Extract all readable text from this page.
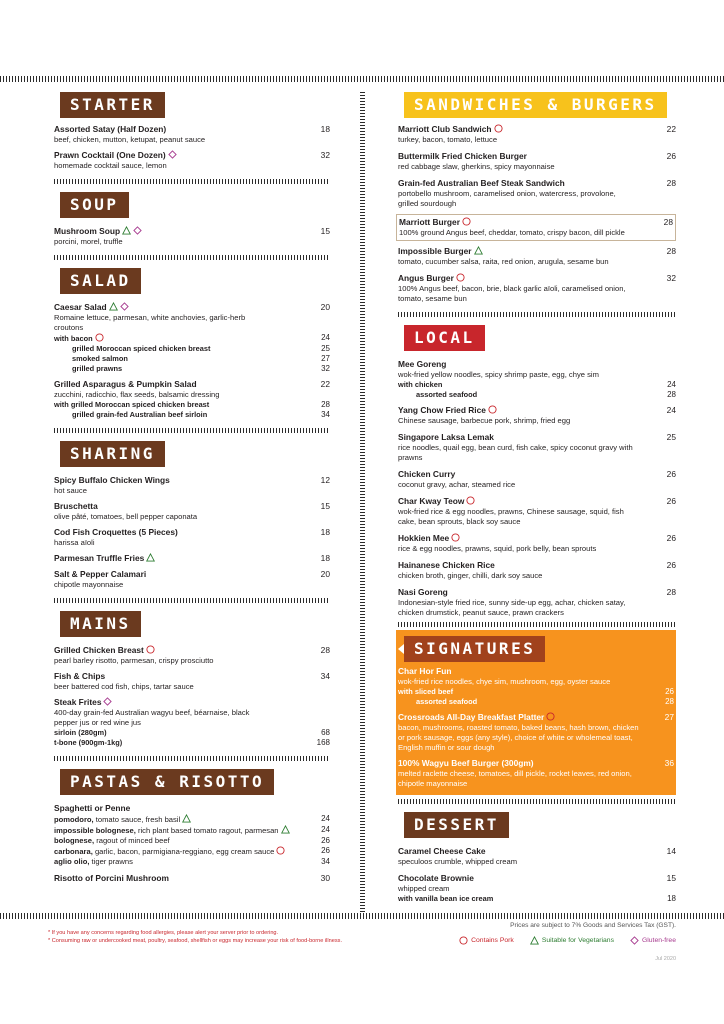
STARTER
Assorted Satay (Half Dozen)
beef, chicken, mutton, ketupat, peanut sauce
18
Prawn Cocktail (One Dozen)
homemade cocktail sauce, lemon
32
SOUP
Mushroom Soup
porcini, morel, truffle
15
SALAD
Caesar Salad
Romaine lettuce, parmesan, white anchovies, garlic-herb croutons
20
with bacon	24
grilled Moroccan spiced chicken breast	25
smoked salmon	27
grilled prawns	32
Grilled Asparagus & Pumpkin Salad
zucchini, radicchio, flax seeds, balsamic dressing
22
with grilled Moroccan spiced chicken breast	28
grilled grain-fed Australian beef sirloin	34
SHARING
Spicy Buffalo Chicken Wings
hot sauce
12
Bruschetta
olive pâté, tomatoes, bell pepper caponata
15
Cod Fish Croquettes (5 Pieces)
harissa aïoli
18
Parmesan Truffle Fries	18
Salt & Pepper Calamari
chipotle mayonnaise
20
MAINS
Grilled Chicken Breast
pearl barley risotto, parmesan, crispy prosciutto
28
Fish & Chips
beer battered cod fish, chips, tartar sauce
34
Steak Frites
400-day grain-fed Australian wagyu beef, béarnaise, black pepper jus or red wine jus
sirloin (280gm)	68
t-bone (900gm-1kg)	168
PASTAS & RISOTTO
Spaghetti or Penne
pomodoro, tomato sauce, fresh basil	24
impossible bolognese, rich plant based tomato ragout, parmesan	24
bolognese, ragout of minced beef	26
carbonara, garlic, bacon, parmigiana-reggiano, egg cream sauce	26
aglio olio, tiger prawns	34
Risotto of Porcini Mushroom	30
SANDWICHES & BURGERS
Marriott Club Sandwich
turkey, bacon, tomato, lettuce
22
Buttermilk Fried Chicken Burger
red cabbage slaw, gherkins, spicy mayonnaise
26
Grain-fed Australian Beef Steak Sandwich
portobello mushroom, caramelised onion, watercress, provolone, grilled sourdough
28
Marriott Burger
100% ground Angus beef, cheddar, tomato, crispy bacon, dill pickle
28
Impossible Burger
tomato, cucumber salsa, raita, red onion, arugula, sesame bun
28
Angus Burger
100% Angus beef, bacon, brie, black garlic aïoli, caramelised onion, tomato, sesame bun
32
LOCAL
Mee Goreng
wok-fried yellow noodles, spicy shrimp paste, egg, chye sim
with chicken	24
assorted seafood	28
Yang Chow Fried Rice
Chinese sausage, barbecue pork, shrimp, fried egg
24
Singapore Laksa Lemak
rice noodles, quail egg, bean curd, fish cake, spicy coconut gravy with prawns
25
Chicken Curry
coconut gravy, achar, steamed rice
26
Char Kway Teow
wok-fried rice & egg noodles, prawns, Chinese sausage, squid, fish cake, bean sprouts, black soy sauce
26
Hokkien Mee
rice & egg noodles, prawns, squid, pork belly, bean sprouts
26
Hainanese Chicken Rice
chicken broth, ginger, chilli, dark soy sauce
26
Nasi Goreng
Indonesian-style fried rice, sunny side-up egg, achar, chicken satay, chicken drumstick, peanut sauce, prawn crackers
28
SIGNATURES
Char Hor Fun
wok-fried rice noodles, chye sim, mushroom, egg, oyster sauce
with sliced beef	26
assorted seafood	28
Crossroads All-Day Breakfast Platter
bacon, mushrooms, roasted tomato, baked beans, hash brown, chicken or pork sausage, eggs (any style), choice of white or wholemeal toast, English muffin or sour dough
27
100% Wagyu Beef Burger (300gm)
melted raclette cheese, tomatoes, dill pickle, rocket leaves, red onion, chipotle mayonnaise
36
DESSERT
Caramel Cheese Cake
speculoos crumble, whipped cream
14
Chocolate Brownie
whipped cream
15
with vanilla bean ice cream	18
* If you have any concerns regarding food allergies, please alert your server prior to ordering.
* Consuming raw or undercooked meat, poultry, seafood, shellfish or eggs may increase your risk of food-borne illness.
Prices are subject to 7% Goods and Services Tax (GST).
Contains Pork	Suitable for Vegetarians	Gluten-free
Jul 2020
